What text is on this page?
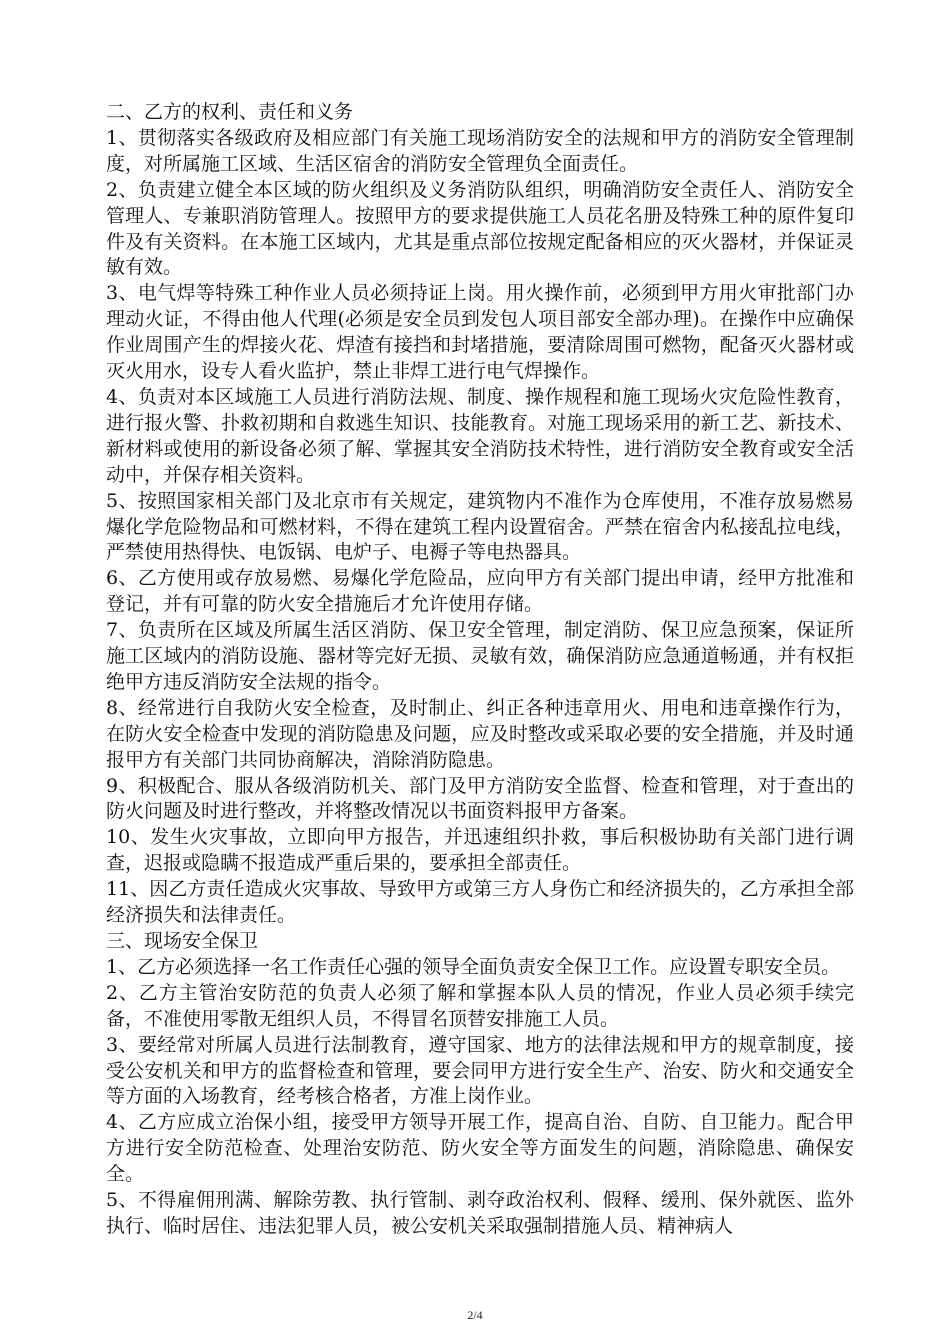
二、乙方的权利、责任和义务

1、贯彻落实各级政府及相应部门有关施工现场消防安全的法规和甲方的消防安全管理制度，对所属施工区域、生活区宿舍的消防安全管理负全面责任。

2、负责建立健全本区域的防火组织及义务消防队组织，明确消防安全责任人、消防安全管理人、专兼职消防管理人。按照甲方的要求提供施工人员花名册及特殊工种的原件复印件及有关资料。在本施工区域内，尤其是重点部位按规定配备相应的灭火器材，并保证灵敏有效。

3、电气焊等特殊工种作业人员必须持证上岗。用火操作前，必须到甲方用火审批部门办理动火证，不得由他人代理(必须是安全员到发包人项目部安全部办理)。在操作中应确保作业周围产生的焊接火花、焊渣有接挡和封堵措施，要清除周围可燃物，配备灭火器材或灭火用水，设专人看火监护，禁止非焊工进行电气焊操作。

4、负责对本区域施工人员进行消防法规、制度、操作规程和施工现场火灾危险性教育，进行报火警、扑救初期和自救逃生知识、技能教育。对施工现场采用的新工艺、新技术、新材料或使用的新设备必须了解、掌握其安全消防技术特性，进行消防安全教育或安全活动中，并保存相关资料。

5、按照国家相关部门及北京市有关规定，建筑物内不准作为仓库使用，不准存放易燃易爆化学危险物品和可燃材料，不得在建筑工程内设置宿舍。严禁在宿舍内私接乱拉电线，严禁使用热得快、电饭锅、电炉子、电褥子等电热器具。

6、乙方使用或存放易燃、易爆化学危险品，应向甲方有关部门提出申请，经甲方批准和登记，并有可靠的防火安全措施后才允许使用存储。

7、负责所在区域及所属生活区消防、保卫安全管理，制定消防、保卫应急预案，保证所施工区域内的消防设施、器材等完好无损、灵敏有效，确保消防应急通道畅通，并有权拒绝甲方违反消防安全法规的指令。

8、经常进行自我防火安全检查，及时制止、纠正各种违章用火、用电和违章操作行为，在防火安全检查中发现的消防隐患及问题，应及时整改或采取必要的安全措施，并及时通报甲方有关部门共同协商解决，消除消防隐患。

9、积极配合、服从各级消防机关、部门及甲方消防安全监督、检查和管理，对于查出的防火问题及时进行整改，并将整改情况以书面资料报甲方备案。

10、发生火灾事故，立即向甲方报告，并迅速组织扑救，事后积极协助有关部门进行调查，迟报或隐瞒不报造成严重后果的，要承担全部责任。

11、因乙方责任造成火灾事故、导致甲方或第三方人身伤亡和经济损失的，乙方承担全部经济损失和法律责任。

三、现场安全保卫

1、乙方必须选择一名工作责任心强的领导全面负责安全保卫工作。应设置专职安全员。

2、乙方主管治安防范的负责人必须了解和掌握本队人员的情况，作业人员必须手续完备，不准使用零散无组织人员，不得冒名顶替安排施工人员。

3、要经常对所属人员进行法制教育，遵守国家、地方的法律法规和甲方的规章制度，接受公安机关和甲方的监督检查和管理，要会同甲方进行安全生产、治安、防火和交通安全等方面的入场教育，经考核合格者，方准上岗作业。

4、乙方应成立治保小组，接受甲方领导开展工作，提高自治、自防、自卫能力。配合甲方进行安全防范检查、处理治安防范、防火安全等方面发生的问题，消除隐患、确保安全。

5、不得雇佣刑满、解除劳教、执行管制、剥夺政治权利、假释、缓刑、保外就医、监外执行、临时居住、违法犯罪人员，被公安机关采取强制措施人员、精神病人

2/4
